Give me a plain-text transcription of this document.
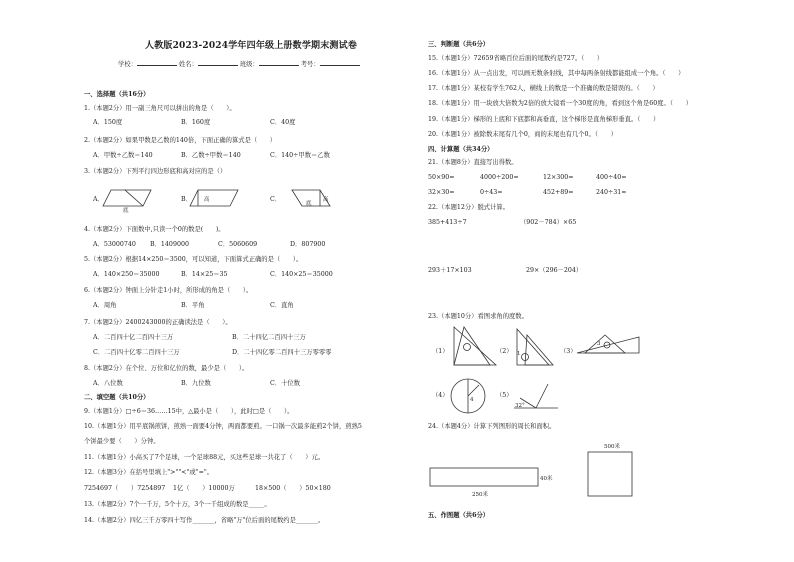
人教版2023-2024学年四年级上册数学期末测试卷
学校：	姓名：	班级：	考号：
一、选择题（共16分）
1.（本题2分）用一副三角尺可以拼出的角是（　　）。
A．150度	B．160度	C．40度
2.（本题2分）如果甲数是乙数的140倍，下面正确的算式是（　　）
A．甲数÷乙数＝140	B．乙数÷甲数＝140	C．140÷甲数＝乙数
3.（本题2分）下列平行四边形底和高对应的是（）
A．
底
B． 高	C．
底
高
4.（本题2分）下面数中,只读一个0的数是(　　)。
A．53000740 B．1409000	C．5060609	D．807900
5.（本题2分）根据14×250＝3500，可以知道，下面算式正确的是（　　）。
A．140×250＝35000	B．14×25＝35	C．140×25＝35000
6.（本题2分）钟面上分针走1小时，所形成的角是（　　）。
A．周角	B．平角	C．直角
7.（本题2分）2400243000的正确读法是（　　）。
A．二百四十亿二百四十三万	B．二十四亿二百四十三万
C．二百四十亿零二百四十三万	D．二十四亿零二百四十三万零零零
8.（本题2分）在个位、万位和亿位的数，最少是（　　）。
A．八位数	B．九位数	C．十位数
二、填空题（共10分）
9.（本题1分）□÷6＝36……15中，△最小是（　　），此时□是（　　）。
10.（本题1分）用平底锅煎饼，煎熟一面要4分钟，两面都要煎。一口锅一次最多能煎2个饼，煎熟5
个饼最少要（　　）分钟。
11.（本题1分）小高买了7个足球，一个足球88元，买这些足球一共花了（　　）元。
12.（本题3分）在括号里填上">""<"或"="。
7254697（　　）7254897 1亿（　　）10000万	18×500（　　）50×180
13.（本题2分）7个一千万，5个十万，3个一千组成的数是_____。
14.（本题2分）四亿三千万零四十写作_______，省略"万"位后面的尾数约是_______。
三、判断题（共6分）
15.（本题1分）72659省略百位后面的尾数约是727。（　　）
16.（本题1分）从一点出发，可以画无数条射线，其中每两条射线都能组成一个角。（　　）
17.（本题1分）某校有学生762人，横线上的数是一个准确的数是错误的。（　　）
18.（本题1分）用一块放大倍数为2倍的放大镜看一个30度的角，看到这个角是60度。（　　）
19.（本题1分）梯形的上底和下底都和高垂直，这个梯形是直角梯形垂直。（　　）
20.（本题1分）被除数末尾有几个0，商的末尾也有几个0。（　　）
四、计算题（共34分）
21.（本题8分）直接写出得数。
50×90=	4000÷200=	12×300=	400÷40=
32×30=	0÷43=	452+89=	240÷31≈
22.（本题12分）脱式计算。
385+413÷7	（902－784）×65
293＋17×103	29×（296－204）
23.（本题10分）看图求角的度数。
（1）	（2） 1	（3）
3
（4）
4
（5）
32°
24.（本题4分）计算下列图形的周长和面积。
250米
40米
500米
五、作图题（共6分）
